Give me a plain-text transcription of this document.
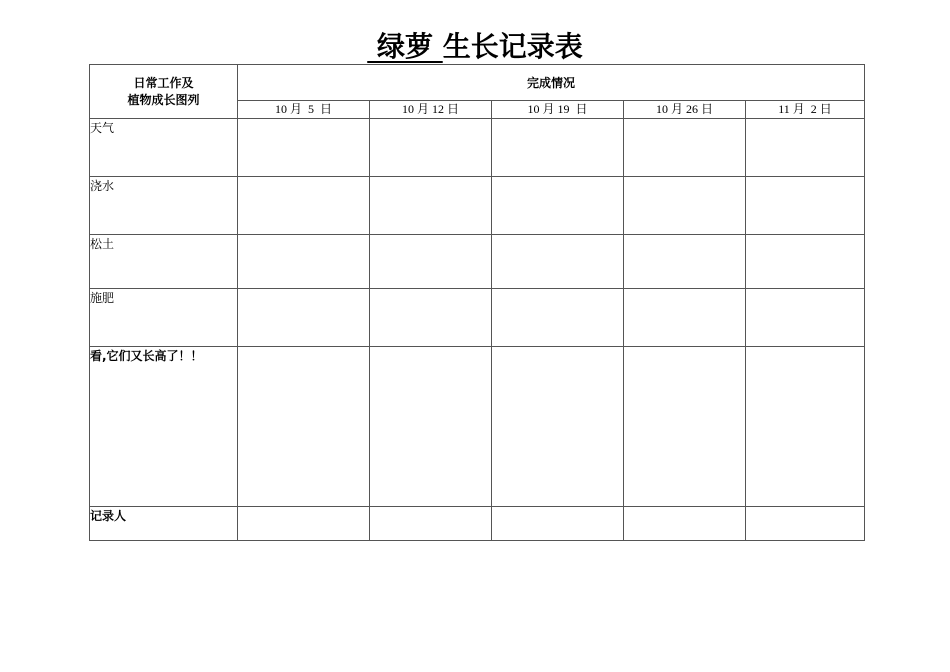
绿萝 生长记录表
日常工作及
植物成长图列	完成情况				
	10 月  5  日	10 月 12 日	10 月 19  日	10 月 26 日	11 月  2 日
天气					
浇水					
松土					
施肥					
看,它们又长高了！！					
记录人					
